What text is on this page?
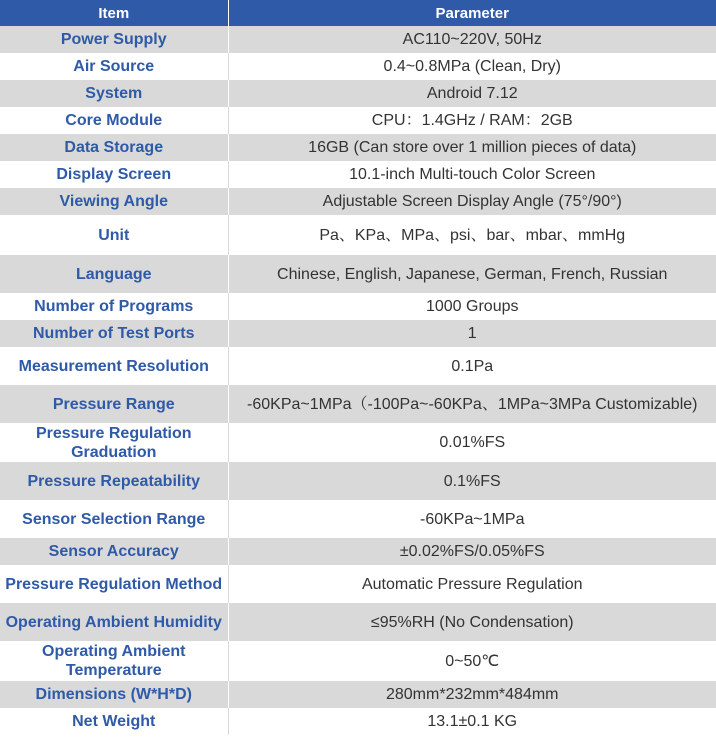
Item	Parameter
Power Supply	AC110~220V, 50Hz
Air Source	0.4~0.8MPa (Clean, Dry)
System	Android 7.12
Core Module	CPU：1.4GHz / RAM：2GB
Data Storage	16GB (Can store over 1 million pieces of data)
Display Screen	10.1-inch Multi-touch Color Screen
Viewing Angle	Adjustable Screen Display Angle (75°/90°)
Unit	Pa、KPa、MPa、psi、bar、mbar、mmHg
Language	Chinese, English, Japanese, German, French, Russian
Number of Programs	1000 Groups
Number of Test Ports	1
Measurement Resolution	0.1Pa
Pressure Range	-60KPa~1MPa（-100Pa~-60KPa、1MPa~3MPa Customizable)
Pressure Regulation Graduation	0.01%FS
Pressure Repeatability	0.1%FS
Sensor Selection Range	-60KPa~1MPa
Sensor Accuracy	±0.02%FS/0.05%FS
Pressure Regulation Method	Automatic Pressure Regulation
Operating Ambient Humidity	≤95%RH (No Condensation)
Operating Ambient Temperature	0~50℃
Dimensions (W*H*D)	280mm*232mm*484mm
Net Weight	13.1±0.1 KG
